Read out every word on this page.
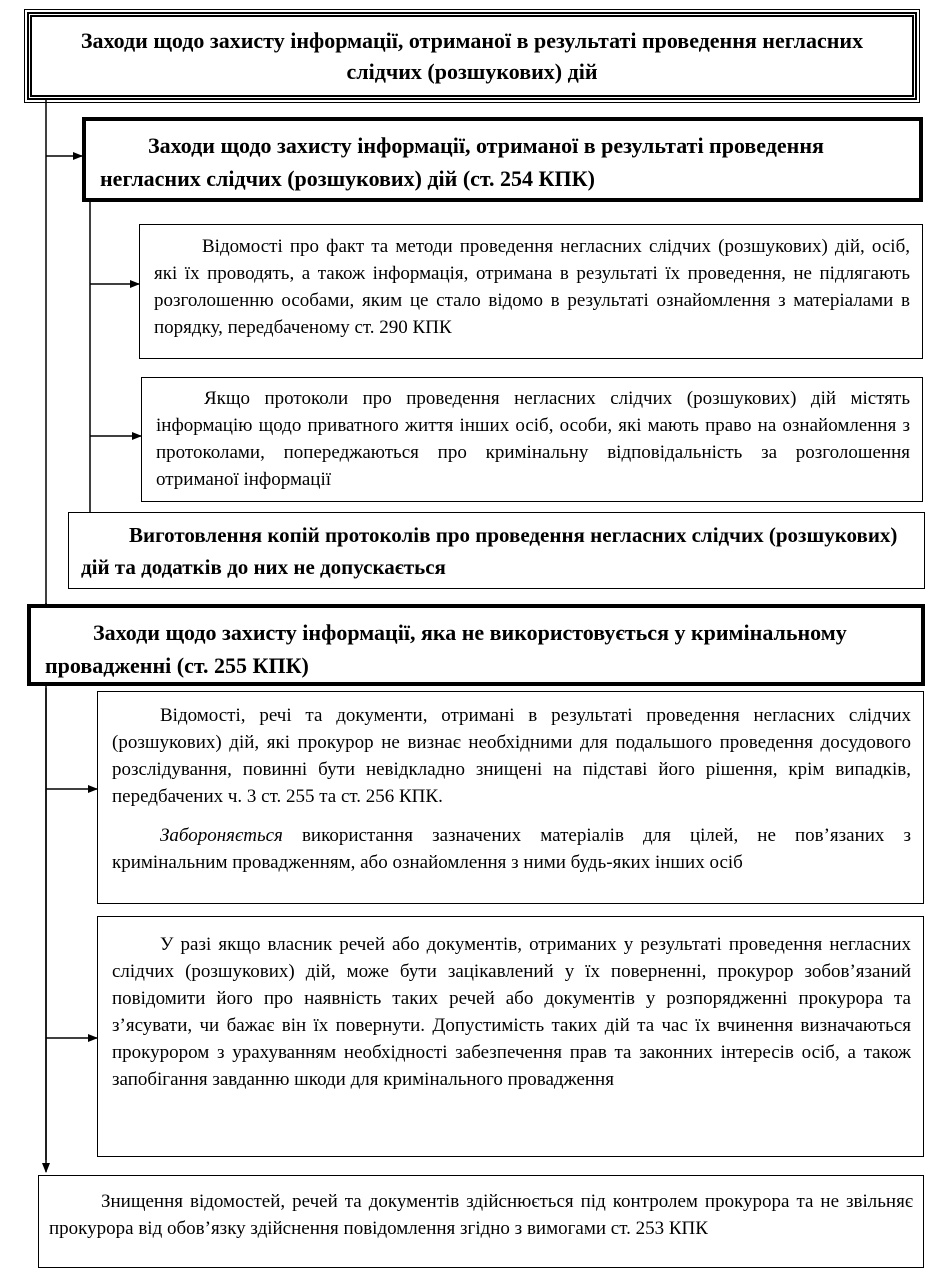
Заходи щодо захисту інформації, отриманої в результаті проведення негласних слідчих (розшукових) дій

Заходи щодо захисту інформації, отриманої в результаті проведення негласних слідчих (розшукових) дій (ст. 254 КПК)

Відомості про факт та методи проведення негласних слідчих (розшукових) дій, осіб, які їх проводять, а також інформація, отримана в результаті їх проведення, не підлягають розголошенню особами, яким це стало відомо в результаті ознайомлення з матеріалами в порядку, передбаченому ст. 290 КПК

Якщо протоколи про проведення негласних слідчих (розшукових) дій містять інформацію щодо приватного життя інших осіб, особи, які мають право на ознайомлення з протоколами, попереджаються про кримінальну відповідальність за розголошення отриманої інформації

Виготовлення копій протоколів про проведення негласних слідчих (розшукових) дій та додатків до них не допускається

Заходи щодо захисту інформації, яка не використовується у кримінальному провадженні (ст. 255 КПК)

Відомості, речі та документи, отримані в результаті проведення негласних слідчих (розшукових) дій, які прокурор не визнає необхідними для подальшого проведення досудового розслідування, повинні бути невідкладно знищені на підставі його рішення, крім випадків, передбачених ч. 3 ст. 255 та ст. 256 КПК.

Забороняється використання зазначених матеріалів для цілей, не пов’язаних з кримінальним провадженням, або ознайомлення з ними будь-яких інших осіб

У разі якщо власник речей або документів, отриманих у результаті проведення негласних слідчих (розшукових) дій, може бути зацікавлений у їх поверненні, прокурор зобов’язаний повідомити його про наявність таких речей або документів у розпорядженні прокурора та з’ясувати, чи бажає він їх повернути. Допустимість таких дій та час їх вчинення визначаються прокурором з урахуванням необхідності забезпечення прав та законних інтересів осіб, а також запобігання завданню шкоди для кримінального провадження

Знищення відомостей, речей та документів здійснюється під контролем прокурора та не звільняє прокурора від обов’язку здійснення повідомлення згідно з вимогами ст. 253 КПК
